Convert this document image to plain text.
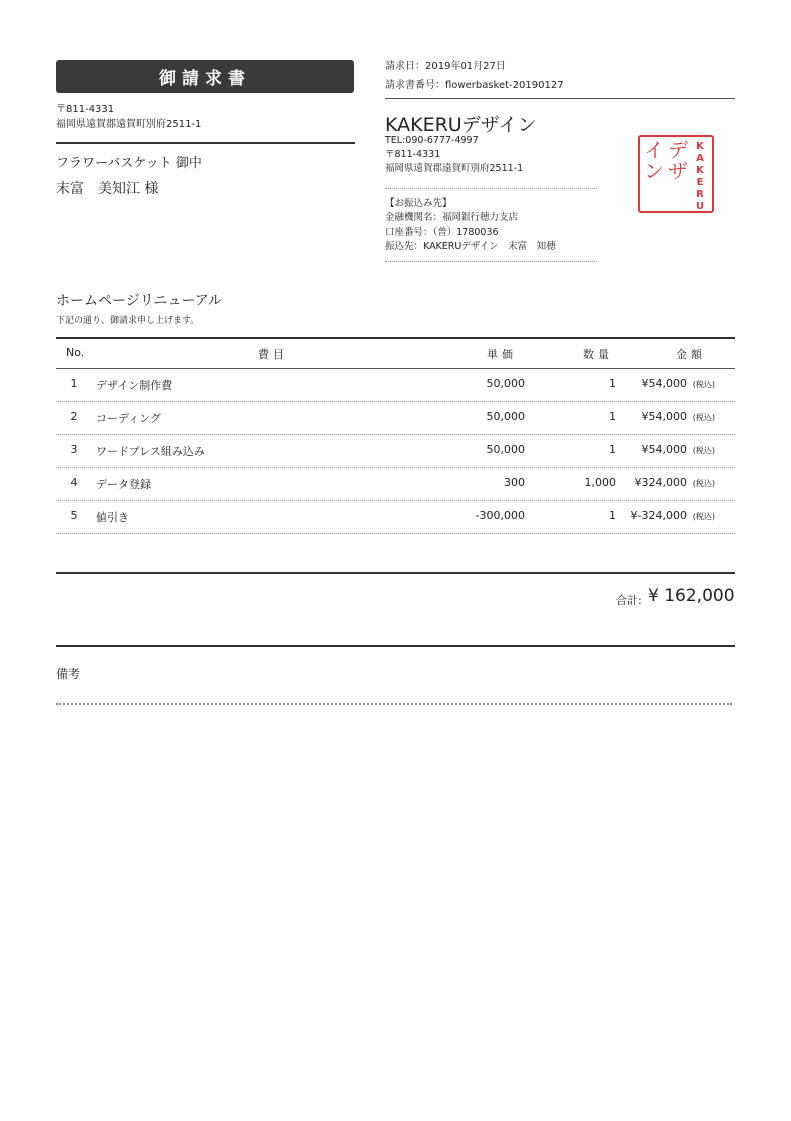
御請求書
請求日：2019年01月27日
請求書番号：flowerbasket-20190127
〒811-4331
福岡県遠賀郡遠賀町別府2511-1
フラワーバスケット 御中
末富　美知江 様
KAKERUデザイン
TEL:090-6777-4997
〒811-4331
福岡県遠賀郡遠賀町別府2511-1
デザ
イン
KAKERU
【お振込み先】
金融機関名：福岡銀行穂力支店
口座番号：（普）1780036
振込先：KAKERUデザイン　末富　知穂
ホームページリニューアル
下記の通り、御請求申し上げます。
No.	費目	単価	数量	金額
1 デザイン制作費	50,000	1 ¥54,000 (税込)
2 コーディング	50,000	1 ¥54,000 (税込)
3 ワードプレス組み込み	50,000	1 ¥54,000 (税込)
4 データ登録	300	1,000 ¥324,000 (税込)
5 値引き	-300,000	1 ¥-324,000 (税込)
合計: ¥ 162,000
備考
